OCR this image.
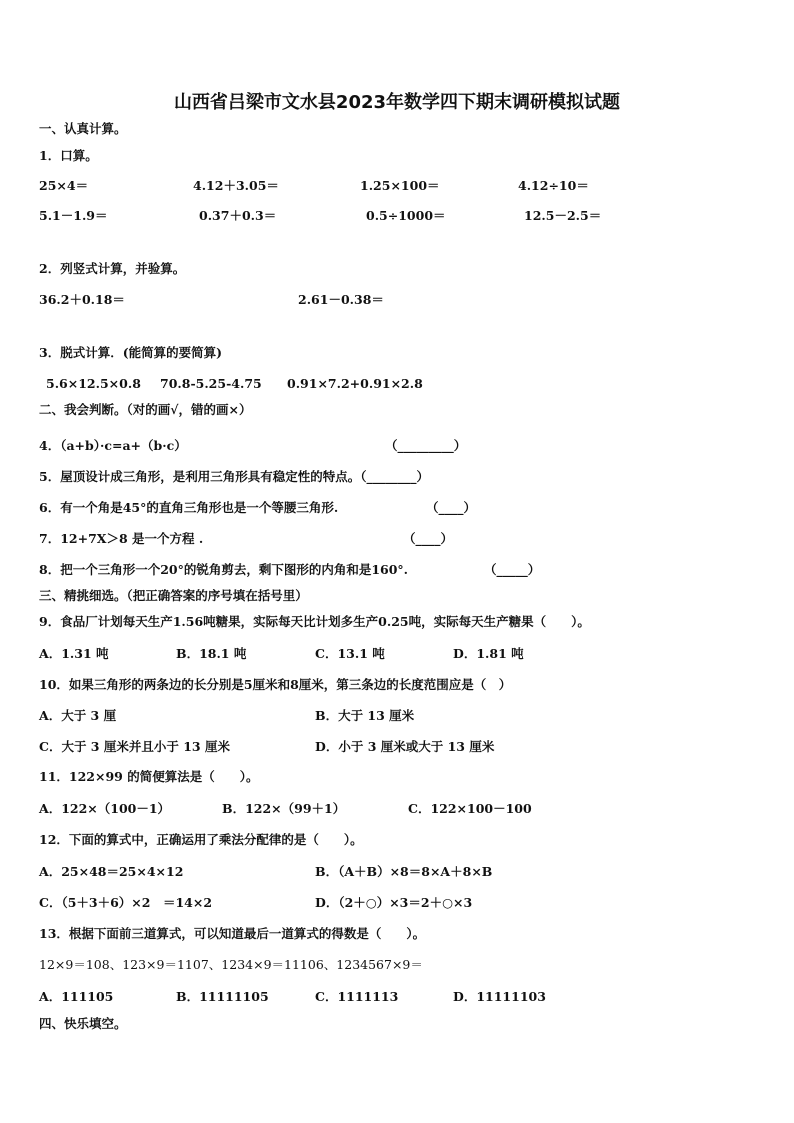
山西省吕梁市文水县2023年数学四下期末调研模拟试题
一、认真计算。
1．口算。
25×4＝	4.12＋3.05＝	1.25×100＝	4.12÷10＝
5.1－1.9＝	0.37＋0.3＝	0.5÷1000＝	12.5－2.5＝
2．列竖式计算，并验算。
36.2＋0.18＝	2.61－0.38＝
3．脱式计算．(能简算的要简算)
5.6×12.5×0.8 70.8-5.25-4.75 0.91×7.2+0.91×2.8
二、我会判断。（对的画√，错的画×）
4．（a+b）·c=a+（b·c）	（_________）
5．屋顶设计成三角形，是利用三角形具有稳定性的特点。（________）
6．有一个角是45°的直角三角形也是一个等腰三角形.	（____）
7．12+7X＞8 是一个方程 .	（____）
8．把一个三角形一个20°的锐角剪去，剩下图形的内角和是160°.	（_____）
三、精挑细选。（把正确答案的序号填在括号里）
9．食品厂计划每天生产1.56吨糖果，实际每天比计划多生产0.25吨，实际每天生产糖果（　　）。
A．1.31 吨	B．18.1 吨	C．13.1 吨	D．1.81 吨
10．如果三角形的两条边的长分别是5厘米和8厘米，第三条边的长度范围应是（　）
A．大于 3 厘	B．大于 13 厘米
C．大于 3 厘米并且小于 13 厘米	D．小于 3 厘米或大于 13 厘米
11．122×99 的简便算法是（　　）。
A．122×（100－1）	B．122×（99＋1）	C．122×100－100
12．下面的算式中，正确运用了乘法分配律的是（　　）。
A．25×48＝25×4×12	B．（A＋B）×8＝8×A＋8×B
C．（5＋3＋6）×2　＝14×2	D．（2＋○）×3＝2＋○×3
13．根据下面前三道算式，可以知道最后一道算式的得数是（　　）。
12×9＝108、123×9＝1107、1234×9＝11106、1234567×9＝
A．111105	B．11111105	C．1111113	D．11111103
四、快乐填空。
